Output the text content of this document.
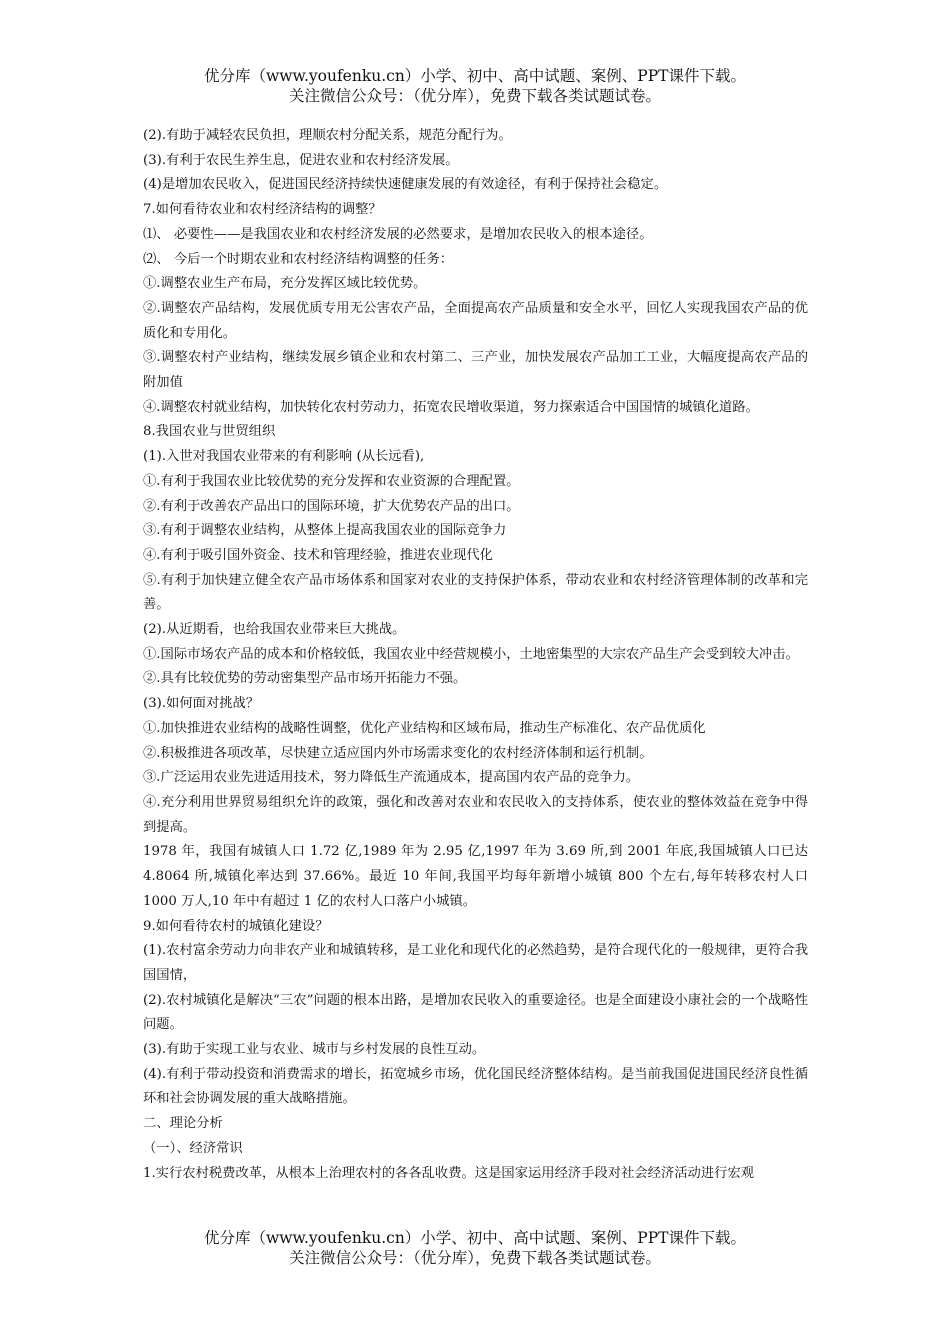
优分库（www.youfenku.cn）小学、初中、高中试题、案例、PPT课件下载。
关注微信公众号：（优分库），免费下载各类试题试卷。

(2).有助于减轻农民负担，理顺农村分配关系，规范分配行为。

(3).有利于农民生养生息，促进农业和农村经济发展。

(4)是增加农民收入，促进国民经济持续快速健康发展的有效途径，有利于保持社会稳定。

7.如何看待农业和农村经济结构的调整？

⑴、 必要性——是我国农业和农村经济发展的必然要求，是增加农民收入的根本途径。

⑵、 今后一个时期农业和农村经济结构调整的任务：

①.调整农业生产布局，充分发挥区域比较优势。

②.调整农产品结构，发展优质专用无公害农产品，全面提高农产品质量和安全水平，回忆人实现我国农产品的优质化和专用化。

③.调整农村产业结构，继续发展乡镇企业和农村第二、三产业，加快发展农产品加工工业，大幅度提高农产品的附加值

④.调整农村就业结构，加快转化农村劳动力，拓宽农民增收渠道，努力探索适合中国国情的城镇化道路。

8.我国农业与世贸组织

(1).入世对我国农业带来的有利影响 (从长远看),

①.有利于我国农业比较优势的充分发挥和农业资源的合理配置。

②.有利于改善农产品出口的国际环境，扩大优势农产品的出口。

③.有利于调整农业结构，从整体上提高我国农业的国际竞争力

④.有利于吸引国外资金、技术和管理经验，推进农业现代化

⑤.有利于加快建立健全农产品市场体系和国家对农业的支持保护体系，带动农业和农村经济管理体制的改革和完善。

(2).从近期看，也给我国农业带来巨大挑战。

①.国际市场农产品的成本和价格较低，我国农业中经营规模小，土地密集型的大宗农产品生产会受到较大冲击。

②.具有比较优势的劳动密集型产品市场开拓能力不强。

(3).如何面对挑战？

①.加快推进农业结构的战略性调整，优化产业结构和区域布局，推动生产标准化、农产品优质化

②.积极推进各项改革，尽快建立适应国内外市场需求变化的农村经济体制和运行机制。

③.广泛运用农业先进适用技术，努力降低生产流通成本，提高国内农产品的竞争力。

④.充分利用世界贸易组织允许的政策，强化和改善对农业和农民收入的支持体系，使农业的整体效益在竞争中得到提高。

1978 年，我国有城镇人口 1.72 亿,1989 年为 2.95 亿,1997 年为 3.69 所,到 2001 年底,我国城镇人口已达 4.8064 所,城镇化率达到 37.66%。最近 10 年间,我国平均每年新增小城镇 800 个左右,每年转移农村人口 1000 万人,10 年中有超过 1 亿的农村人口落户小城镇。

9.如何看待农村的城镇化建设？

(1).农村富余劳动力向非农产业和城镇转移，是工业化和现代化的必然趋势，是符合现代化的一般规律，更符合我国国情，

(2).农村城镇化是解决“三农”问题的根本出路，是增加农民收入的重要途径。也是全面建设小康社会的一个战略性问题。

(3).有助于实现工业与农业、城市与乡村发展的良性互动。

(4).有利于带动投资和消费需求的增长，拓宽城乡市场，优化国民经济整体结构。是当前我国促进国民经济良性循环和社会协调发展的重大战略措施。

二、理论分析

（一）、经济常识

1.实行农村税费改革，从根本上治理农村的各各乱收费。这是国家运用经济手段对社会经济活动进行宏观

优分库（www.youfenku.cn）小学、初中、高中试题、案例、PPT课件下载。
关注微信公众号：（优分库），免费下载各类试题试卷。
